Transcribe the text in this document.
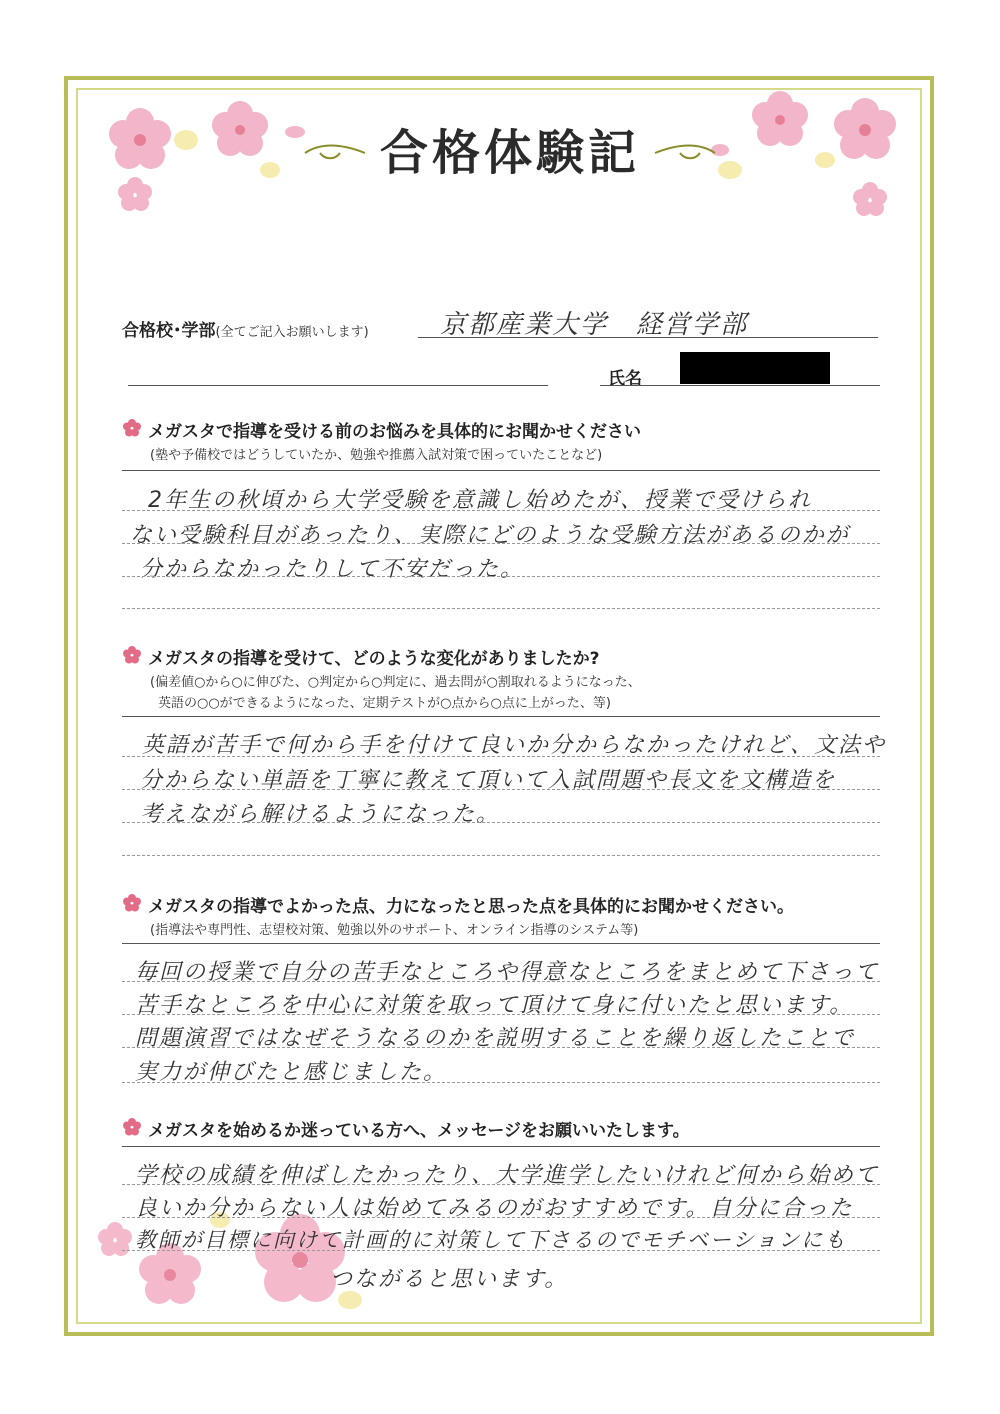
合格体験記
合格校･学部(全てご記入お願いします)	京都産業大学　経営学部
氏名
メガスタで指導を受ける前のお悩みを具体的にお聞かせください
(塾や予備校ではどうしていたか、勉強や推薦入試対策で困っていたことなど)
2年生の秋頃から大学受験を意識し始めたが、授業で受けられ
ない受験科目があったり、実際にどのような受験方法があるのかが
分からなかったりして不安だった。
メガスタの指導を受けて、どのような変化がありましたか?
(偏差値○から○に伸びた、○判定から○判定に、過去問が○割取れるようになった、
英語の○○ができるようになった、定期テストが○点から○点に上がった、等)
英語が苦手で何から手を付けて良いか分からなかったけれど、文法や
分からない単語を丁寧に教えて頂いて入試問題や長文を文構造を
考えながら解けるようになった。
メガスタの指導でよかった点、力になったと思った点を具体的にお聞かせください。
(指導法や専門性、志望校対策、勉強以外のサポート、オンライン指導のシステム等)
毎回の授業で自分の苦手なところや得意なところをまとめて下さって
苦手なところを中心に対策を取って頂けて身に付いたと思います。
問題演習ではなぜそうなるのかを説明することを繰り返したことで
実力が伸びたと感じました。
メガスタを始めるか迷っている方へ、メッセージをお願いいたします。
学校の成績を伸ばしたかったり、大学進学したいけれど何から始めて
良いか分からない人は始めてみるのがおすすめです。自分に合った
教師が目標に向けて計画的に対策して下さるのでモチベーションにも
つながると思います。
